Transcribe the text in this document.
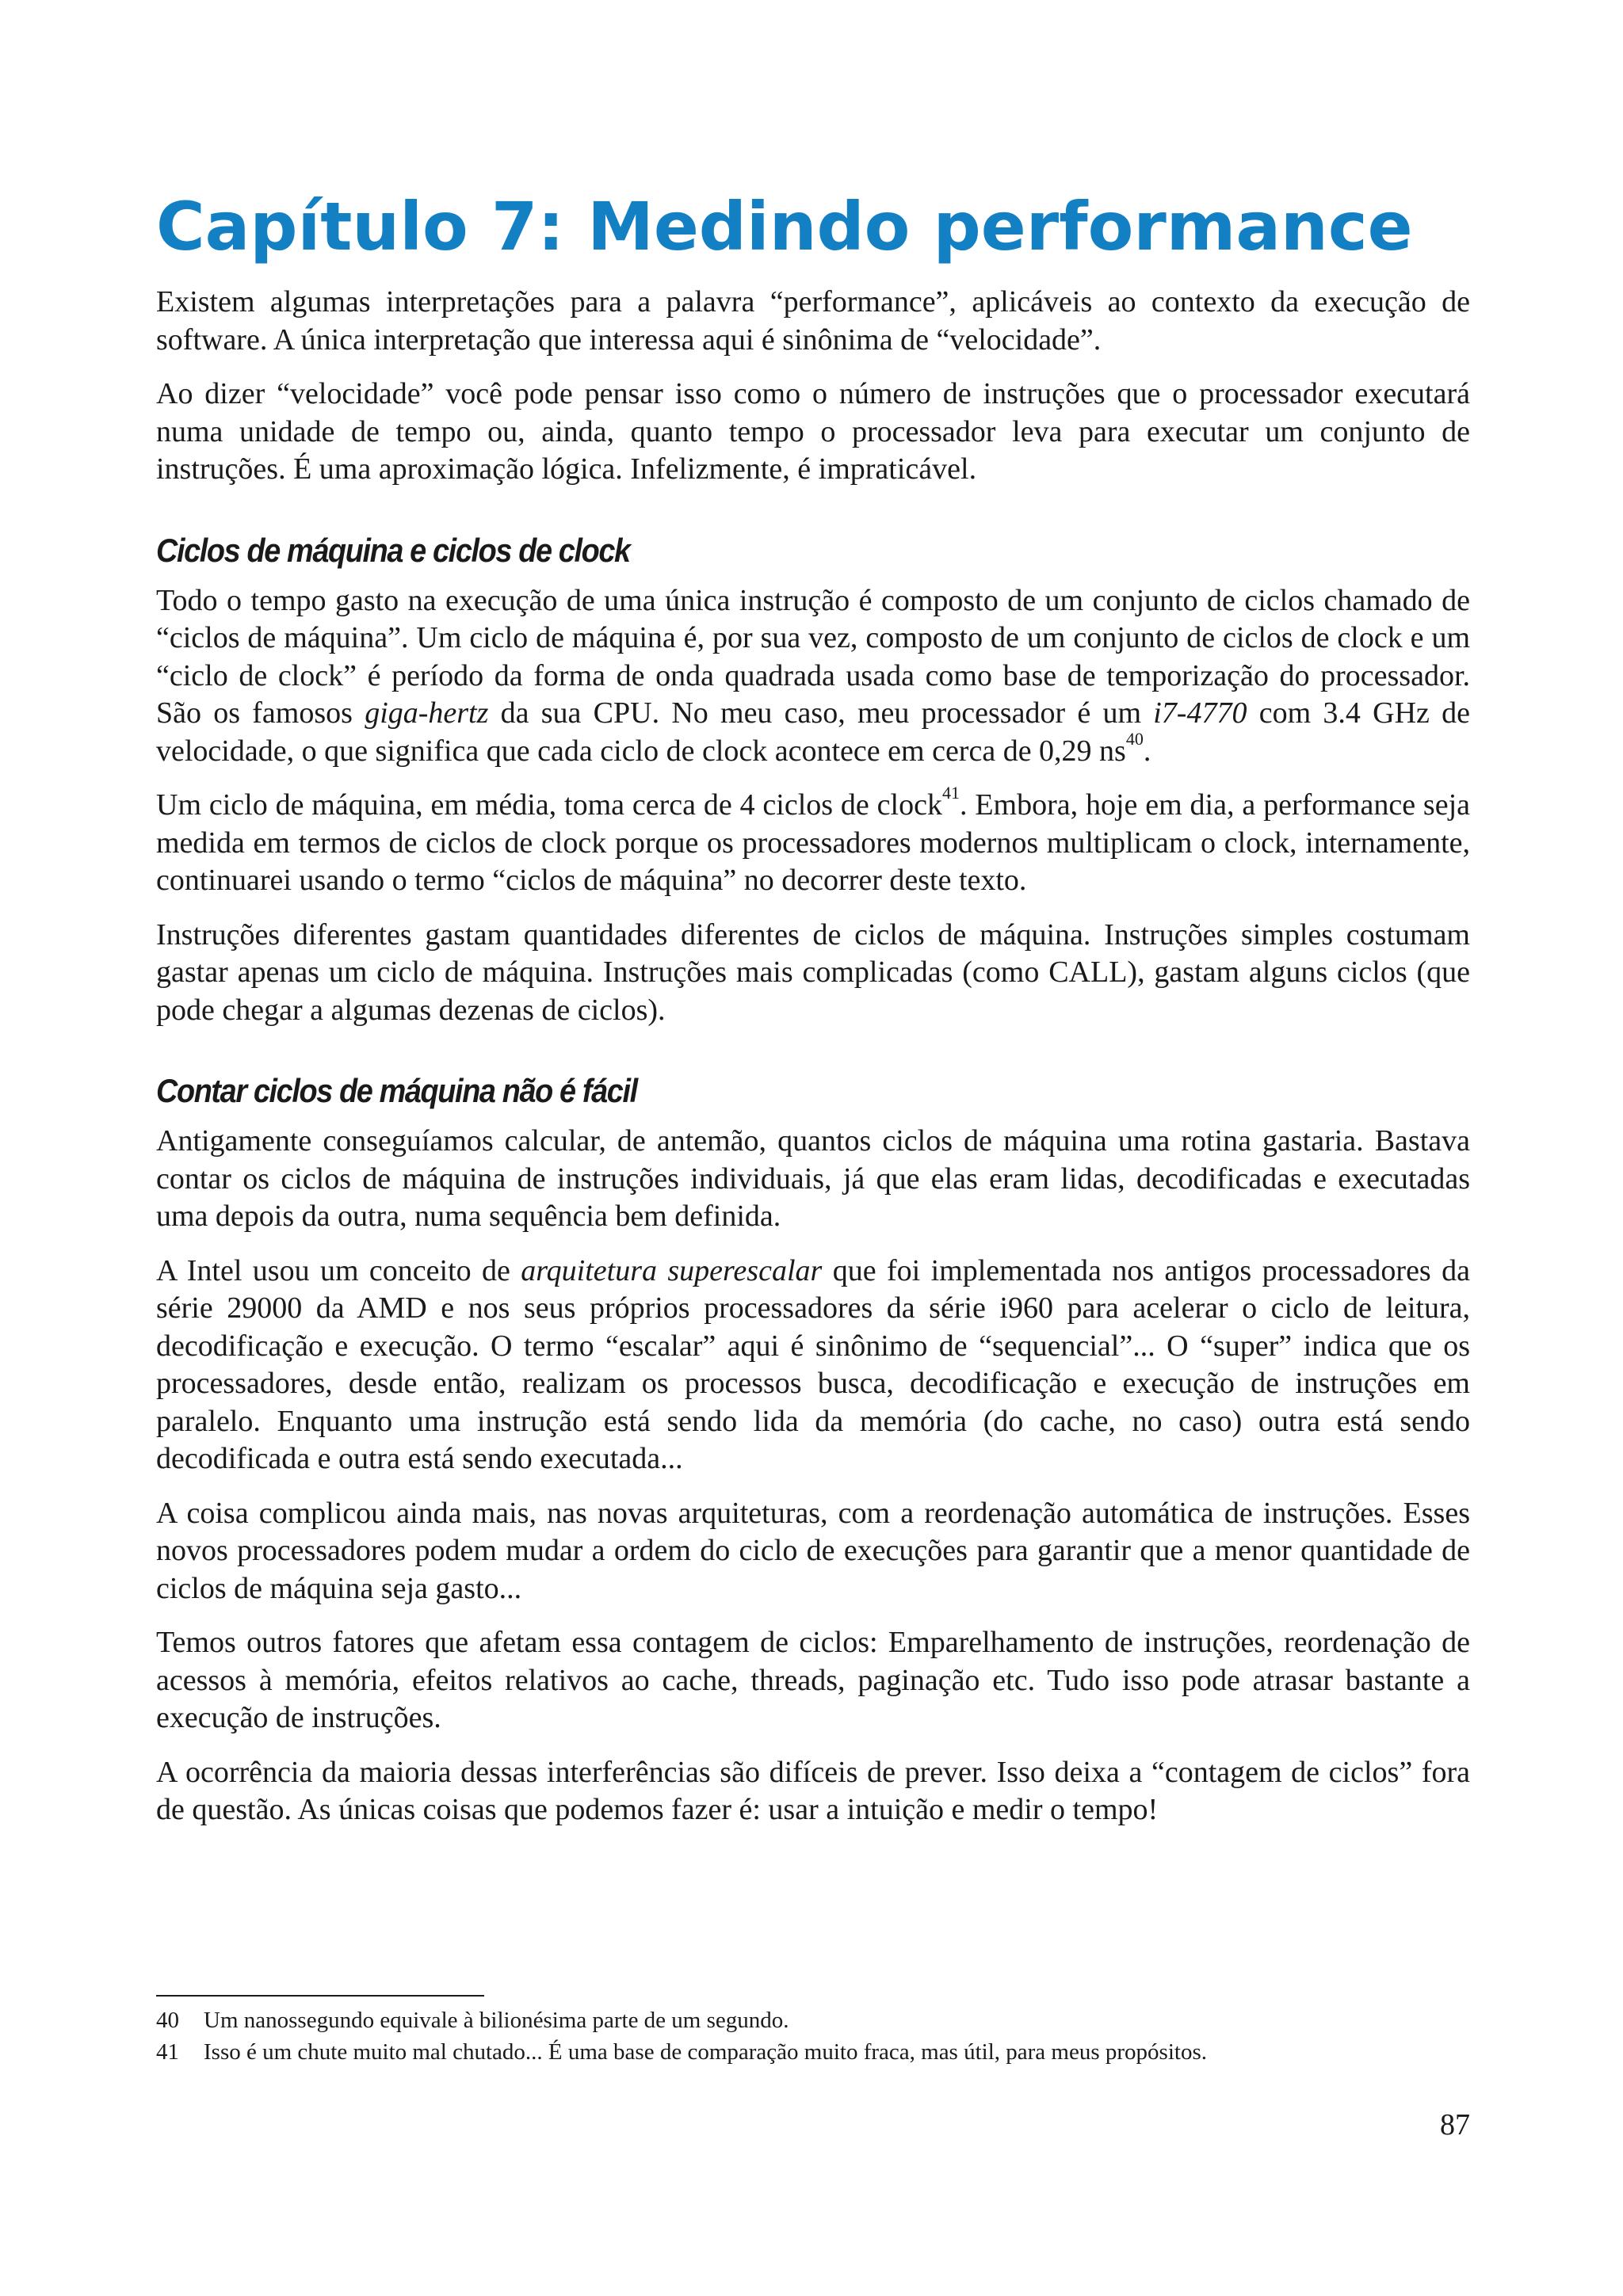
Capítulo 7: Medindo performance

Existem algumas interpretações para a palavra “performance”, aplicáveis ao contexto da execução de software. A única interpretação que interessa aqui é sinônima de “velocidade”.

Ao dizer “velocidade” você pode pensar isso como o número de instruções que o processador executará numa unidade de tempo ou, ainda, quanto tempo o processador leva para executar um conjunto de instruções. É uma aproximação lógica. Infelizmente, é impraticável.

Ciclos de máquina e ciclos de clock

Todo o tempo gasto na execução de uma única instrução é composto de um conjunto de ciclos chamado de “ciclos de máquina”. Um ciclo de máquina é, por sua vez, composto de um conjunto de ciclos de clock e um “ciclo de clock” é período da forma de onda quadrada usada como base de temporização do processador. São os famosos giga-hertz da sua CPU. No meu caso, meu processador é um i7-4770 com 3.4 GHz de velocidade, o que significa que cada ciclo de clock acontece em cerca de 0,29 ns$^{40}$.

Um ciclo de máquina, em média, toma cerca de 4 ciclos de clock$^{41}$. Embora, hoje em dia, a performance seja medida em termos de ciclos de clock porque os processadores modernos multiplicam o clock, internamente, continuarei usando o termo “ciclos de máquina” no decorrer deste texto.

Instruções diferentes gastam quantidades diferentes de ciclos de máquina. Instruções simples costumam gastar apenas um ciclo de máquina. Instruções mais complicadas (como CALL), gastam alguns ciclos (que pode chegar a algumas dezenas de ciclos).

Contar ciclos de máquina não é fácil

Antigamente conseguíamos calcular, de antemão, quantos ciclos de máquina uma rotina gastaria. Bastava contar os ciclos de máquina de instruções individuais, já que elas eram lidas, decodificadas e executadas uma depois da outra, numa sequência bem definida.

A Intel usou um conceito de arquitetura superescalar que foi implementada nos antigos processadores da série 29000 da AMD e nos seus próprios processadores da série i960 para acelerar o ciclo de leitura, decodificação e execução. O termo “escalar” aqui é sinônimo de “sequencial”... O “super” indica que os processadores, desde então, realizam os processos busca, decodificação e execução de instruções em paralelo. Enquanto uma instrução está sendo lida da memória (do cache, no caso) outra está sendo decodificada e outra está sendo executada...

A coisa complicou ainda mais, nas novas arquiteturas, com a reordenação automática de instruções. Esses novos processadores podem mudar a ordem do ciclo de execuções para garantir que a menor quantidade de ciclos de máquina seja gasto...

Temos outros fatores que afetam essa contagem de ciclos: Emparelhamento de instruções, reordenação de acessos à memória, efeitos relativos ao cache, threads, paginação etc. Tudo isso pode atrasar bastante a execução de instruções.

A ocorrência da maioria dessas interferências são difíceis de prever. Isso deixa a “contagem de ciclos” fora de questão. As únicas coisas que podemos fazer é: usar a intuição e medir o tempo!

40 Um nanossegundo equivale à bilionésima parte de um segundo.
41 Isso é um chute muito mal chutado... É uma base de comparação muito fraca, mas útil, para meus propósitos.
87
